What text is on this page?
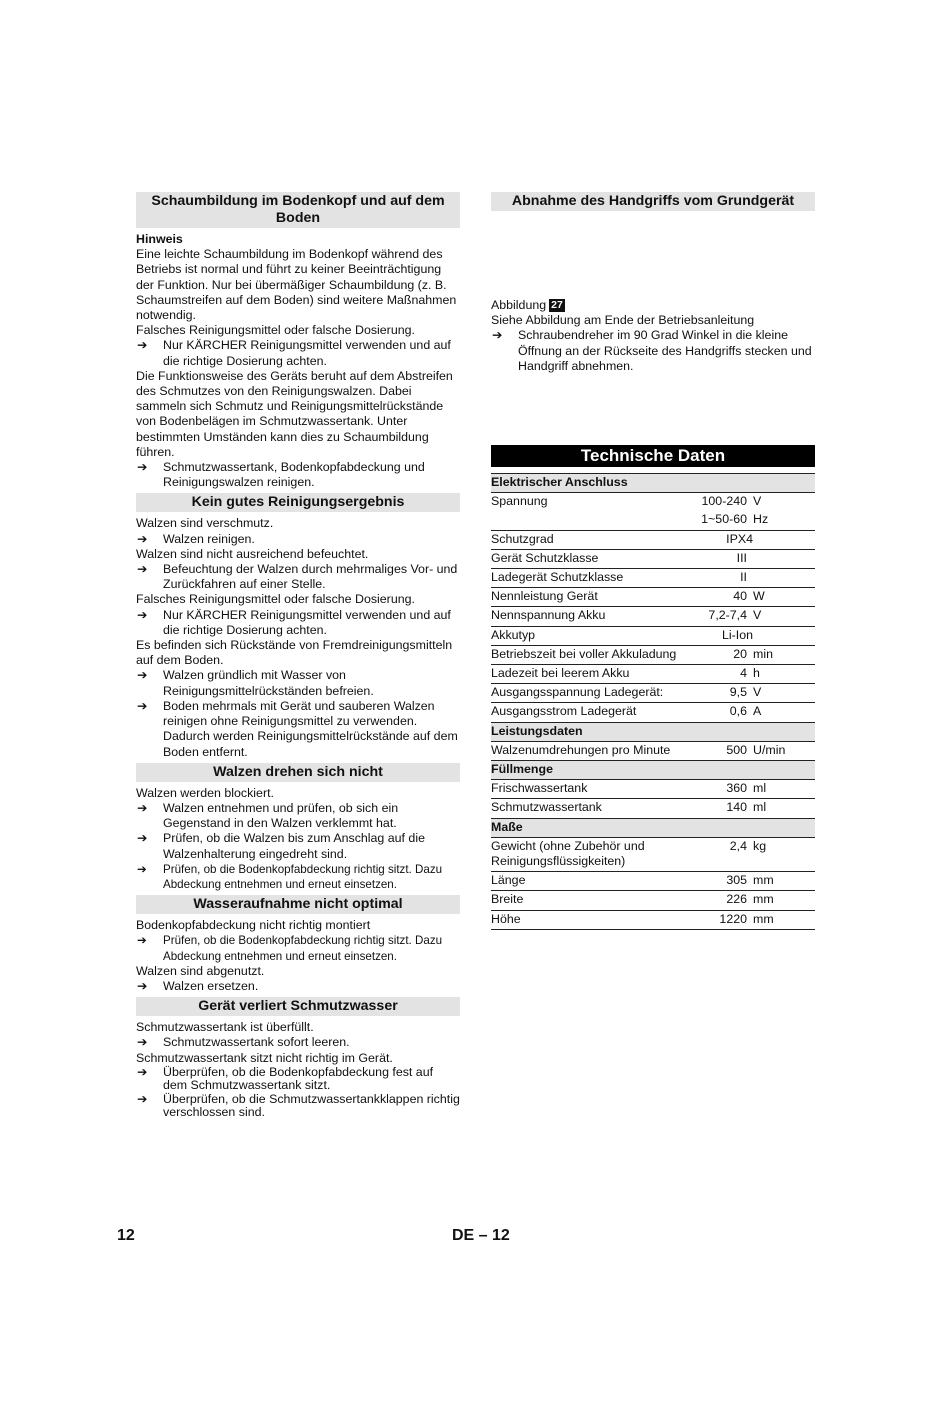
Schaumbildung im Bodenkopf und auf dem Boden
Hinweis

Eine leichte Schaumbildung im Bodenkopf während des Betriebs ist normal und führt zu keiner Beeinträchtigung der Funktion. Nur bei übermäßiger Schaumbildung (z. B. Schaumstreifen auf dem Boden) sind weitere Maßnahmen notwendig.

Falsches Reinigungsmittel oder falsche Dosierung.

➔ Nur KÄRCHER Reinigungsmittel verwenden und auf die richtige Dosierung achten.

Die Funktionsweise des Geräts beruht auf dem Abstreifen des Schmutzes von den Reinigungswalzen. Dabei sammeln sich Schmutz und Reinigungsmittelrückstände von Bodenbelägen im Schmutzwassertank. Unter bestimmten Umständen kann dies zu Schaumbildung führen.

➔ Schmutzwassertank, Bodenkopfabdeckung und Reinigungswalzen reinigen.
Kein gutes Reinigungsergebnis

Walzen sind verschmutz.

➔ Walzen reinigen.

Walzen sind nicht ausreichend befeuchtet.

➔ Befeuchtung der Walzen durch mehrmaliges Vor- und Zurückfahren auf einer Stelle.

Falsches Reinigungsmittel oder falsche Dosierung.

➔ Nur KÄRCHER Reinigungsmittel verwenden und auf die richtige Dosierung achten.

Es befinden sich Rückstände von Fremdreinigungsmitteln auf dem Boden.

➔ Walzen gründlich mit Wasser von Reinigungsmittelrückständen befreien.
➔ Boden mehrmals mit Gerät und sauberen Walzen reinigen ohne Reinigungsmittel zu verwenden. Dadurch werden Reinigungsmittelrückstände auf dem Boden entfernt.
Walzen drehen sich nicht

Walzen werden blockiert.

➔ Walzen entnehmen und prüfen, ob sich ein Gegenstand in den Walzen verklemmt hat.
➔ Prüfen, ob die Walzen bis zum Anschlag auf die Walzenhalterung eingedreht sind.
➔ Prüfen, ob die Bodenkopfabdeckung richtig sitzt. Dazu Abdeckung entnehmen und erneut einsetzen.
Wasseraufnahme nicht optimal

Bodenkopfabdeckung nicht richtig montiert

➔ Prüfen, ob die Bodenkopfabdeckung richtig sitzt. Dazu Abdeckung entnehmen und erneut einsetzen.

Walzen sind abgenutzt.

➔ Walzen ersetzen.
Gerät verliert Schmutzwasser

Schmutzwassertank ist überfüllt.

➔ Schmutzwassertank sofort leeren.

Schmutzwassertank sitzt nicht richtig im Gerät.

➔ Überprüfen, ob die Bodenkopfabdeckung fest auf dem Schmutzwassertank sitzt.
➔ Überprüfen, ob die Schmutzwassertankklappen richtig verschlossen sind.
Abnahme des Handgriffs vom Grundgerät

Abbildung 27

Siehe Abbildung am Ende der Betriebsanleitung

➔ Schraubendreher im 90 Grad Winkel in die kleine Öffnung an der Rückseite des Handgriffs stecken und Handgriff abnehmen.
Technische Daten
Elektrischer Anschluss		
Spannung	100-240	V
	1~50-60	Hz
Schutzgrad	IPX4	
Gerät Schutzklasse	III	
Ladegerät Schutzklasse	II	
Nennleistung Gerät	40	W
Nennspannung Akku	7,2-7,4	V
Akkutyp	Li-Ion	
Betriebszeit bei voller Akkuladung	20	min
Ladezeit bei leerem Akku	4	h
Ausgangsspannung Ladegerät:	9,5	V
Ausgangsstrom Ladegerät	0,6	A
Leistungsdaten		
Walzenumdrehungen pro Minute	500	U/min
Füllmenge		
Frischwassertank	360	ml
Schmutzwassertank	140	ml
Maße		
Gewicht (ohne Zubehör und Reinigungsflüssigkeiten)	2,4	kg
Länge	305	mm
Breite	226	mm
Höhe	1220	mm
12	DE – 12
